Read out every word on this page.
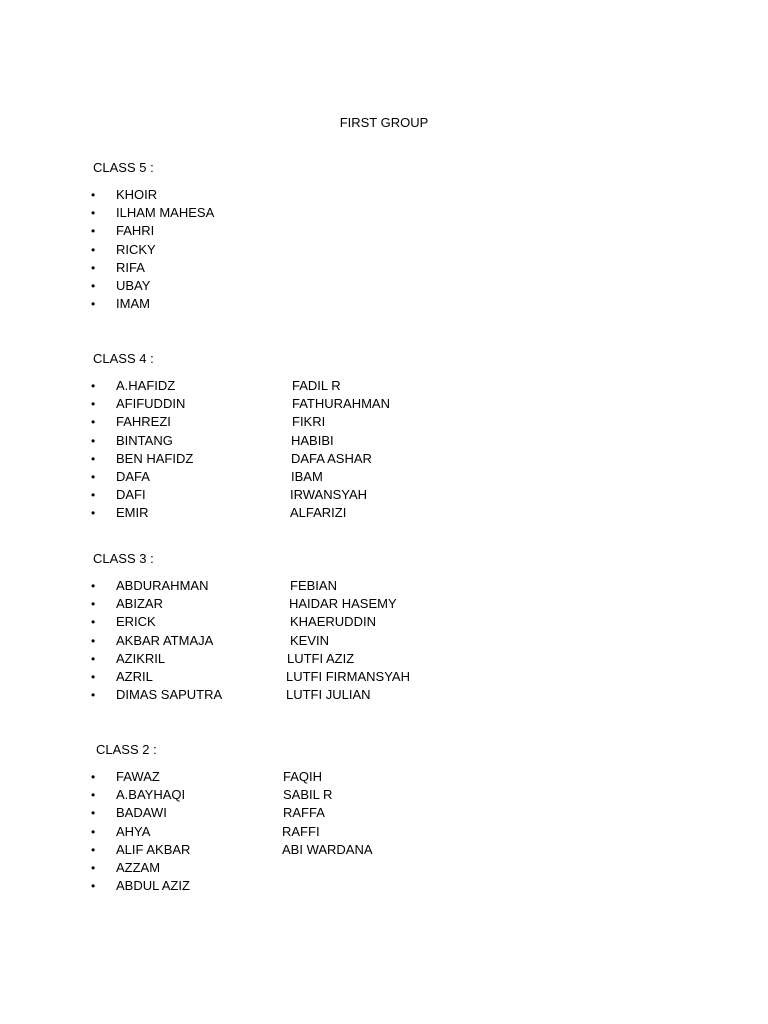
FIRST GROUP
CLASS 5 :
• KHOIR
• ILHAM MAHESA
• FAHRI
• RICKY
• RIFA
• UBAY
• IMAM
CLASS 4 :
• A.HAFIDZ	FADIL R
• AFIFUDDIN	FATHURAHMAN
• FAHREZI	FIKRI
• BINTANG	HABIBI
• BEN HAFIDZ	DAFA ASHAR
• DAFA	IBAM
• DAFI	IRWANSYAH
• EMIR	ALFARIZI
CLASS 3 :
• ABDURAHMAN	FEBIAN
• ABIZAR	HAIDAR HASEMY
• ERICK	KHAERUDDIN
• AKBAR ATMAJA	KEVIN
• AZIKRIL	LUTFI AZIZ
• AZRIL	LUTFI FIRMANSYAH
• DIMAS SAPUTRA	LUTFI JULIAN
CLASS 2 :
• FAWAZ	FAQIH
• A.BAYHAQI	SABIL R
• BADAWI	RAFFA
• AHYA	RAFFI
• ALIF AKBAR	ABI WARDANA
• AZZAM
• ABDUL AZIZ
